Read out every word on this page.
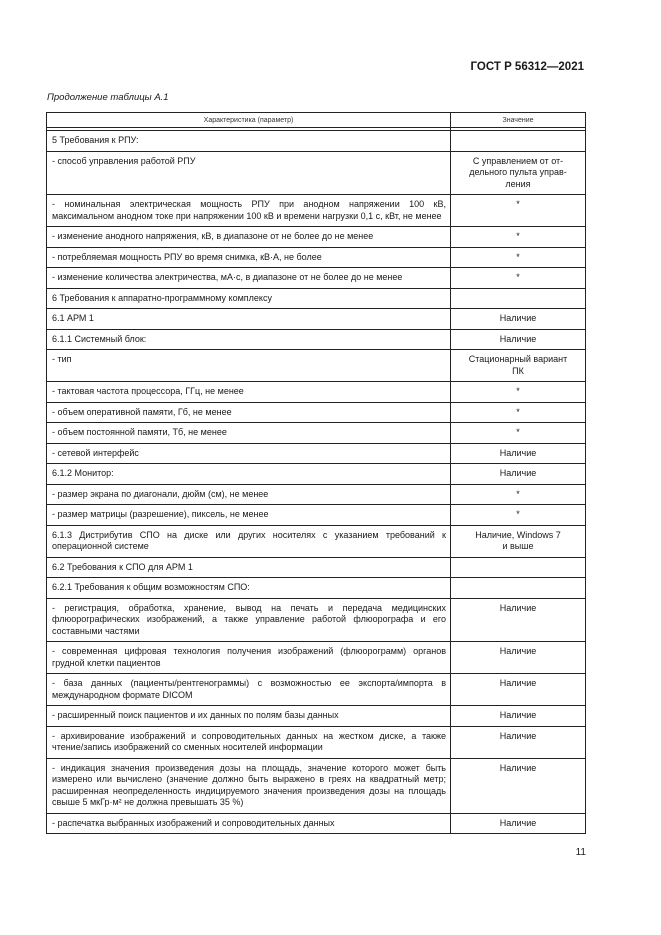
ГОСТ Р 56312—2021
Продолжение таблицы А.1
Характеристика (параметр)	Значение

5 Требования к РПУ:	
- способ управления работой РПУ	С управлением от от-
дельного пульта управ-
ления
- номинальная электрическая мощность РПУ при анодном напряжении 100 кВ, максимальном анодном токе при напряжении 100 кВ и времени нагрузки 0,1 с, кВт, не менее	*
- изменение анодного напряжения, кВ, в диапазоне от не более до не менее	*
- потребляемая мощность РПУ во время снимка, кВ·А, не более	*
- изменение количества электричества, мА·с, в диапазоне от не более до не менее	*
6 Требования к аппаратно-программному комплексу	
6.1 АРМ 1	Наличие
6.1.1 Системный блок:	Наличие
- тип	Стационарный вариант
ПК
- тактовая частота процессора, ГГц, не менее	*
- объем оперативной памяти, Гб, не менее	*
- объем постоянной памяти, Тб, не менее	*
- сетевой интерфейс	Наличие
6.1.2 Монитор:	Наличие
- размер экрана по диагонали, дюйм (см), не менее	*
- размер матрицы (разрешение), пиксель, не менее	*
6.1.3 Дистрибутив СПО на диске или других носителях с указанием требований к операционной системе	Наличие, Windows 7
и выше
6.2 Требования к СПО для АРМ 1	
6.2.1 Требования к общим возможностям СПО:	
- регистрация, обработка, хранение, вывод на печать и передача медицинских флюорографических изображений, а также управление работой флюорографа и его составными частями	Наличие
- современная цифровая технология получения изображений (флюорограмм) органов грудной клетки пациентов	Наличие
- база данных (пациенты/рентгенограммы) с возможностью ее экспорта/импорта в международном формате DICOM	Наличие
- расширенный поиск пациентов и их данных по полям базы данных	Наличие
- архивирование изображений и сопроводительных данных на жестком диске, а также чтение/запись изображений со сменных носителей информации	Наличие
- индикация значения произведения дозы на площадь, значение которого может быть измерено или вычислено (значение должно быть выражено в греях на квадратный метр; расширенная неопределенность индицируемого значения произведения дозы на площадь свыше 5 мкГр·м² не должна превышать 35 %)	Наличие
- распечатка выбранных изображений и сопроводительных данных	Наличие
11
